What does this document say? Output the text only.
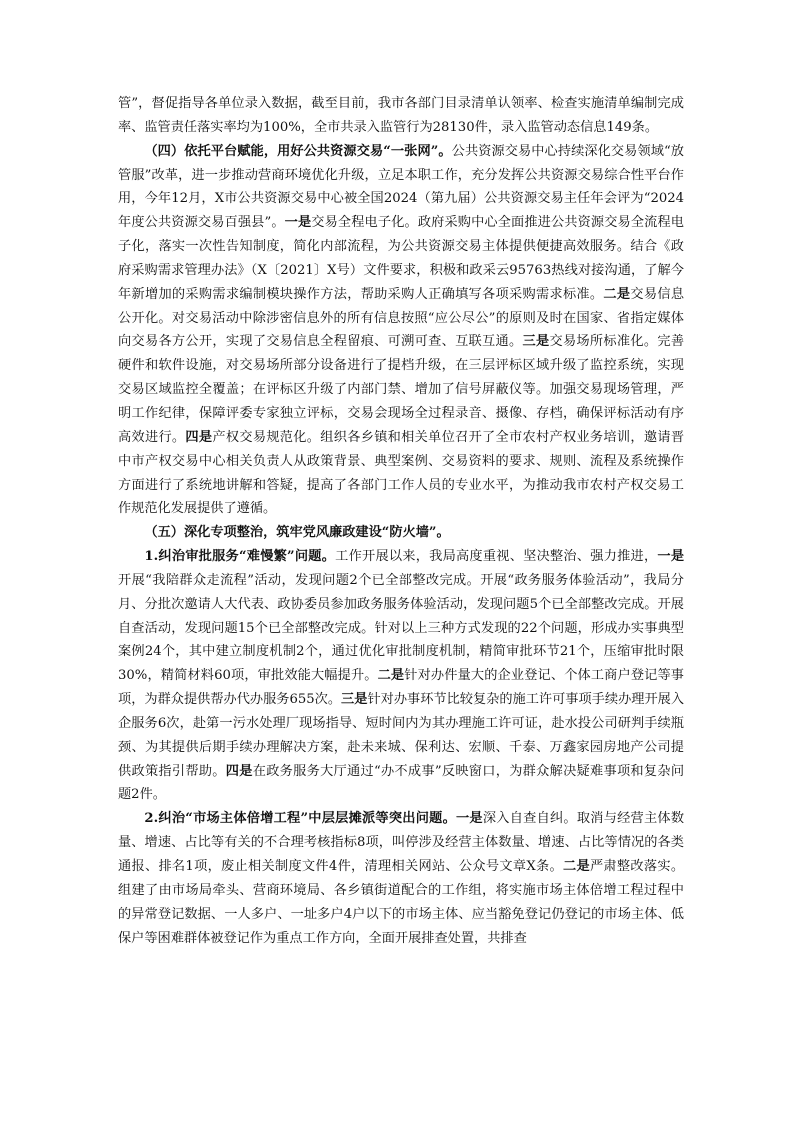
管”，督促指导各单位录入数据，截至目前，我市各部门目录清单认领率、检查实施清单编制完成率、监管责任落实率均为100%，全市共录入监管行为28130件，录入监管动态信息149条。

（四）依托平台赋能，用好公共资源交易“一张网”。公共资源交易中心持续深化交易领域“放管服”改革，进一步推动营商环境优化升级，立足本职工作，充分发挥公共资源交易综合性平台作用，今年12月，X市公共资源交易中心被全国2024（第九届）公共资源交易主任年会评为“2024年度公共资源交易百强县”。一是交易全程电子化。政府采购中心全面推进公共资源交易全流程电子化，落实一次性告知制度，简化内部流程，为公共资源交易主体提供便捷高效服务。结合《政府采购需求管理办法》（X〔2021〕X号）文件要求，积极和政采云95763热线对接沟通，了解今年新增加的采购需求编制模块操作方法，帮助采购人正确填写各项采购需求标准。二是交易信息公开化。对交易活动中除涉密信息外的所有信息按照“应公尽公”的原则及时在国家、省指定媒体向交易各方公开，实现了交易信息全程留痕、可溯可查、互联互通。三是交易场所标准化。完善硬件和软件设施，对交易场所部分设备进行了提档升级，在三层评标区域升级了监控系统，实现交易区域监控全覆盖；在评标区升级了内部门禁、增加了信号屏蔽仪等。加强交易现场管理，严明工作纪律，保障评委专家独立评标，交易会现场全过程录音、摄像、存档，确保评标活动有序高效进行。四是产权交易规范化。组织各乡镇和相关单位召开了全市农村产权业务培训，邀请晋中市产权交易中心相关负责人从政策背景、典型案例、交易资料的要求、规则、流程及系统操作方面进行了系统地讲解和答疑，提高了各部门工作人员的专业水平，为推动我市农村产权交易工作规范化发展提供了遵循。

（五）深化专项整治，筑牢党风廉政建设“防火墙”。

1.纠治审批服务“难慢繁”问题。工作开展以来，我局高度重视、坚决整治、强力推进，一是开展“我陪群众走流程”活动，发现问题2个已全部整改完成。开展“政务服务体验活动”，我局分月、分批次邀请人大代表、政协委员参加政务服务体验活动，发现问题5个已全部整改完成。开展自查活动，发现问题15个已全部整改完成。针对以上三种方式发现的22个问题，形成办实事典型案例24个，其中建立制度机制2个，通过优化审批制度机制，精简审批环节21个，压缩审批时限30%，精简材料60项，审批效能大幅提升。二是针对办件量大的企业登记、个体工商户登记等事项，为群众提供帮办代办服务655次。三是针对办事环节比较复杂的施工许可事项手续办理开展入企服务6次，赴第一污水处理厂现场指导、短时间内为其办理施工许可证，赴水投公司研判手续瓶颈、为其提供后期手续办理解决方案，赴未来城、保利达、宏顺、千泰、万鑫家园房地产公司提供政策指引帮助。四是在政务服务大厅通过“办不成事”反映窗口，为群众解决疑难事项和复杂问题2件。

2.纠治“市场主体倍增工程”中层层摊派等突出问题。一是深入自查自纠。取消与经营主体数量、增速、占比等有关的不合理考核指标8项，叫停涉及经营主体数量、增速、占比等情况的各类通报、排名1项，废止相关制度文件4件，清理相关网站、公众号文章X条。二是严肃整改落实。组建了由市场局牵头、营商环境局、各乡镇街道配合的工作组，将实施市场主体倍增工程过程中的异常登记数据、一人多户、一址多户4户以下的市场主体、应当豁免登记仍登记的市场主体、低保户等困难群体被登记作为重点工作方向，全面开展排查处置，共排查
